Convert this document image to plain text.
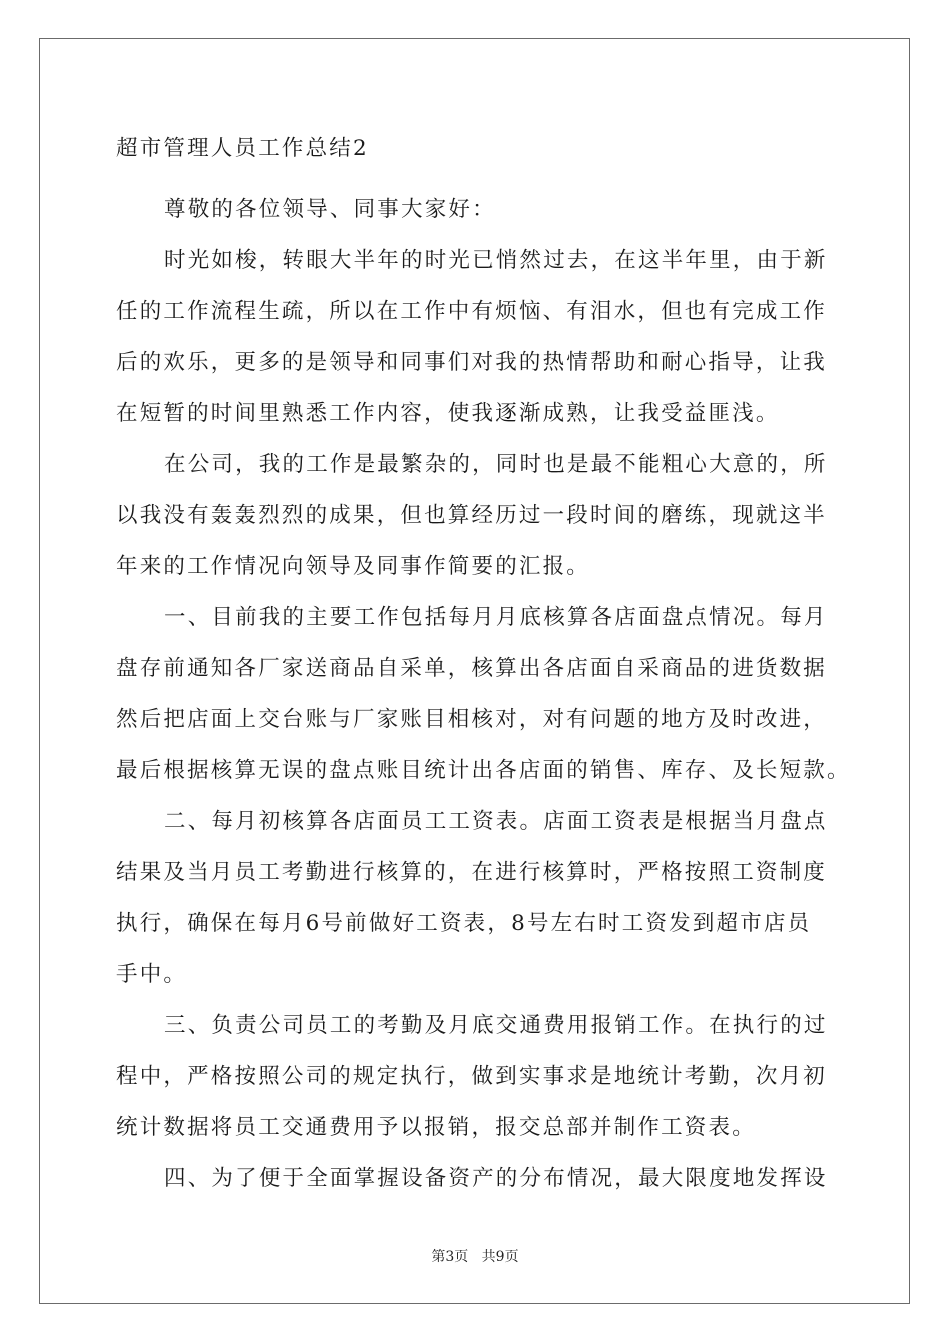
超市管理人员工作总结2

尊敬的各位领导、同事大家好：

时光如梭，转眼大半年的时光已悄然过去，在这半年里，由于新
任的工作流程生疏，所以在工作中有烦恼、有泪水，但也有完成工作
后的欢乐，更多的是领导和同事们对我的热情帮助和耐心指导，让我
在短暂的时间里熟悉工作内容，使我逐渐成熟，让我受益匪浅。

在公司，我的工作是最繁杂的，同时也是最不能粗心大意的，所
以我没有轰轰烈烈的成果，但也算经历过一段时间的磨练，现就这半
年来的工作情况向领导及同事作简要的汇报。

一、目前我的主要工作包括每月月底核算各店面盘点情况。每月
盘存前通知各厂家送商品自采单，核算出各店面自采商品的进货数据
然后把店面上交台账与厂家账目相核对，对有问题的地方及时改进，
最后根据核算无误的盘点账目统计出各店面的销售、库存、及长短款。

二、每月初核算各店面员工工资表。店面工资表是根据当月盘点
结果及当月员工考勤进行核算的，在进行核算时，严格按照工资制度
执行，确保在每月6号前做好工资表，8号左右时工资发到超市店员
手中。

三、负责公司员工的考勤及月底交通费用报销工作。在执行的过
程中，严格按照公司的规定执行，做到实事求是地统计考勤，次月初
统计数据将员工交通费用予以报销，报交总部并制作工资表。

四、为了便于全面掌握设备资产的分布情况，最大限度地发挥设

第3页 共9页
